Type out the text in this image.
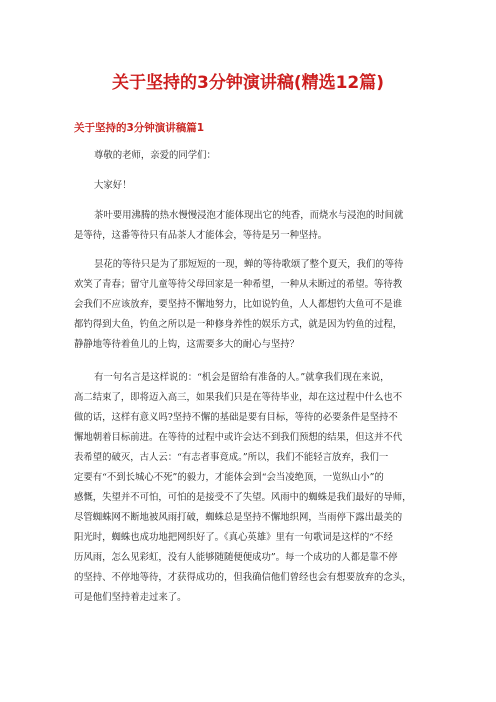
关于坚持的3分钟演讲稿(精选12篇)
关于坚持的3分钟演讲稿篇1
尊敬的老师，亲爱的同学们：
大家好！
茶叶要用沸腾的热水慢慢浸泡才能体现出它的纯香，而烧水与浸泡的时间就
是等待，这番等待只有品茶人才能体会，等待是另一种坚持。
昙花的等待只是为了那短短的一现，蝉的等待歌颂了整个夏天，我们的等待
欢笑了青春；留守儿童等待父母回家是一种希望，一种从未断过的希望。等待教
会我们不应该放弃，要坚持不懈地努力，比如说钓鱼，人人都想钓大鱼可不是谁
都钓得到大鱼，钓鱼之所以是一种修身养性的娱乐方式，就是因为钓鱼的过程，
静静地等待着鱼儿的上钩，这需要多大的耐心与坚持？
有一句名言是这样说的：“机会是留给有准备的人。”就拿我们现在来说，
高二结束了，即将迈入高三，如果我们只是在等待毕业，却在这过程中什么也不
做的话，这样有意义吗?坚持不懈的基础是要有目标，等待的必要条件是坚持不
懈地朝着目标前进。在等待的过程中或许会达不到我们预想的结果，但这并不代
表希望的破灭，古人云：“有志者事竟成。”所以，我们不能轻言放弃，我们一
定要有“不到长城心不死”的毅力，才能体会到“会当凌绝顶，一览纵山小”的
感慨，失望并不可怕，可怕的是接受不了失望。风雨中的蜘蛛是我们最好的导师，
尽管蜘蛛网不断地被风雨打破，蜘蛛总是坚持不懈地织网，当雨停下露出最美的
阳光时，蜘蛛也成功地把网织好了。《真心英雄》里有一句歌词是这样的“不经
历风雨，怎么见彩虹，没有人能够随随便便成功”。每一个成功的人都是靠不停
的坚持、不停地等待，才获得成功的，但我确信他们曾经也会有想要放弃的念头，
可是他们坚持着走过来了。
